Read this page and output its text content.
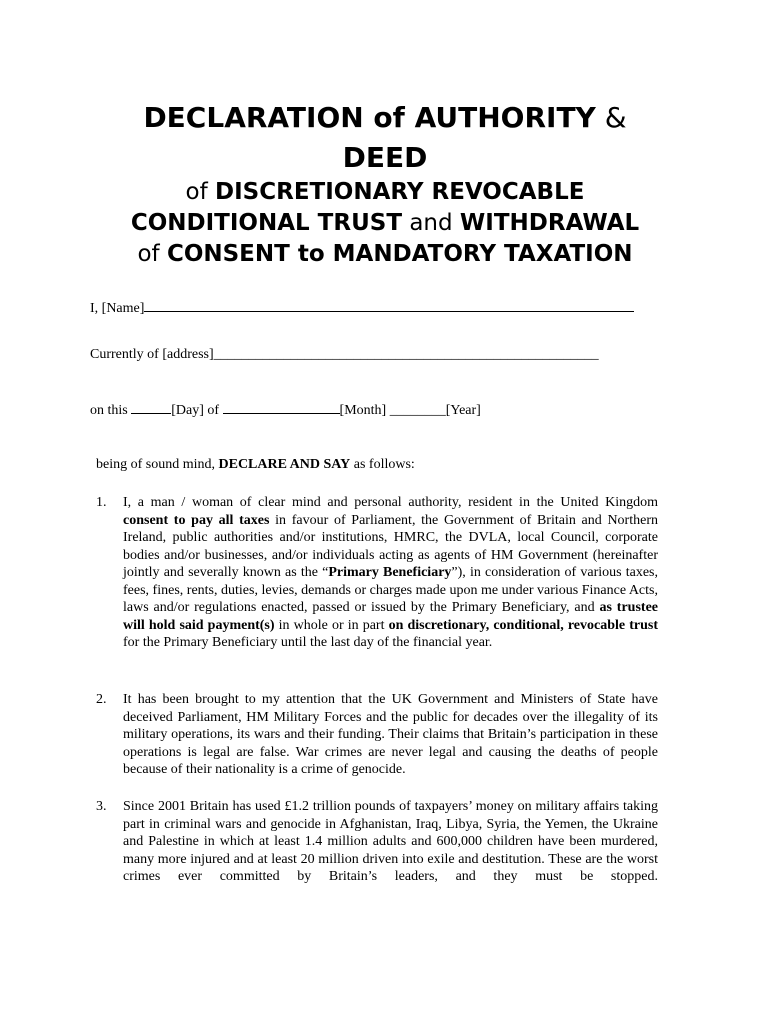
DECLARATION of AUTHORITY &
DEED
of DISCRETIONARY REVOCABLE
CONDITIONAL TRUST and WITHDRAWAL
of CONSENT to MANDATORY TAXATION
I, [Name]
Currently of [address]_______________________________________________________
on this	[Day] of	[Month] ________[Year]
being of sound mind, DECLARE AND SAY as follows:
1. I, a man / woman of clear mind and personal authority, resident in the United Kingdom consent to pay all taxes in favour of Parliament, the Government of Britain and Northern Ireland, public authorities and/or institutions, HMRC, the DVLA, local Council, corporate bodies and/or businesses, and/or individuals acting as agents of HM Government (hereinafter jointly and severally known as the “Primary Beneficiary”), in consideration of various taxes, fees, fines, rents, duties, levies, demands or charges made upon me under various Finance Acts, laws and/or regulations enacted, passed or issued by the Primary Beneficiary, and as trustee will hold said payment(s) in whole or in part on discretionary, conditional, revocable trust for the Primary Beneficiary until the last day of the financial year.
2. It has been brought to my attention that the UK Government and Ministers of State have deceived Parliament, HM Military Forces and the public for decades over the illegality of its military operations, its wars and their funding. Their claims that Britain’s participation in these operations is legal are false. War crimes are never legal and causing the deaths of people because of their nationality is a crime of genocide.
3. Since 2001 Britain has used £1.2 trillion pounds of taxpayers’ money on military affairs taking part in criminal wars and genocide in Afghanistan, Iraq, Libya, Syria, the Yemen, the Ukraine and Palestine in which at least 1.4 million adults and 600,000 children have been murdered, many more injured and at least 20 million driven into exile and destitution. These are the worst crimes ever committed by Britain’s leaders, and they must be stopped.
